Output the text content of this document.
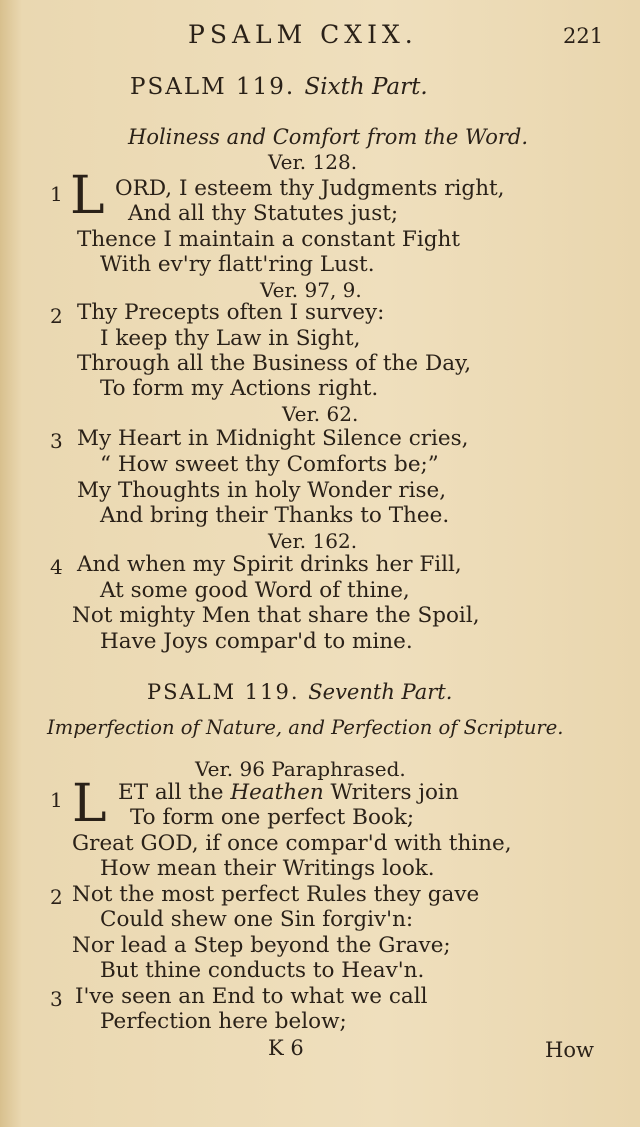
PSALM CXIX.	221
PSALM 119. Sixth Part.
Holiness and Comfort from the Word.
Ver. 128.
1 L ORD, I esteem thy Judgments right,
And all thy Statutes just;
Thence I maintain a constant Fight
With ev'ry flatt'ring Lust.
Ver. 97, 9.
2 Thy Precepts often I survey:
I keep thy Law in Sight,
Through all the Business of the Day,
To form my Actions right.
Ver. 62.
3 My Heart in Midnight Silence cries,
“ How sweet thy Comforts be;”
My Thoughts in holy Wonder rise,
And bring their Thanks to Thee.
Ver. 162.
4 And when my Spirit drinks her Fill,
At some good Word of thine,
Not mighty Men that share the Spoil,
Have Joys compar'd to mine.
PSALM 119. Seventh Part.
Imperfection of Nature, and Perfection of Scripture.
Ver. 96 Paraphrased.
1 L ET all the Heathen Writers join
To form one perfect Book;
Great GOD, if once compar'd with thine,
How mean their Writings look.
2 Not the most perfect Rules they gave
Could shew one Sin forgiv'n:
Nor lead a Step beyond the Grave;
But thine conducts to Heav'n.
3 I've seen an End to what we call
Perfection here below;
K 6	How
